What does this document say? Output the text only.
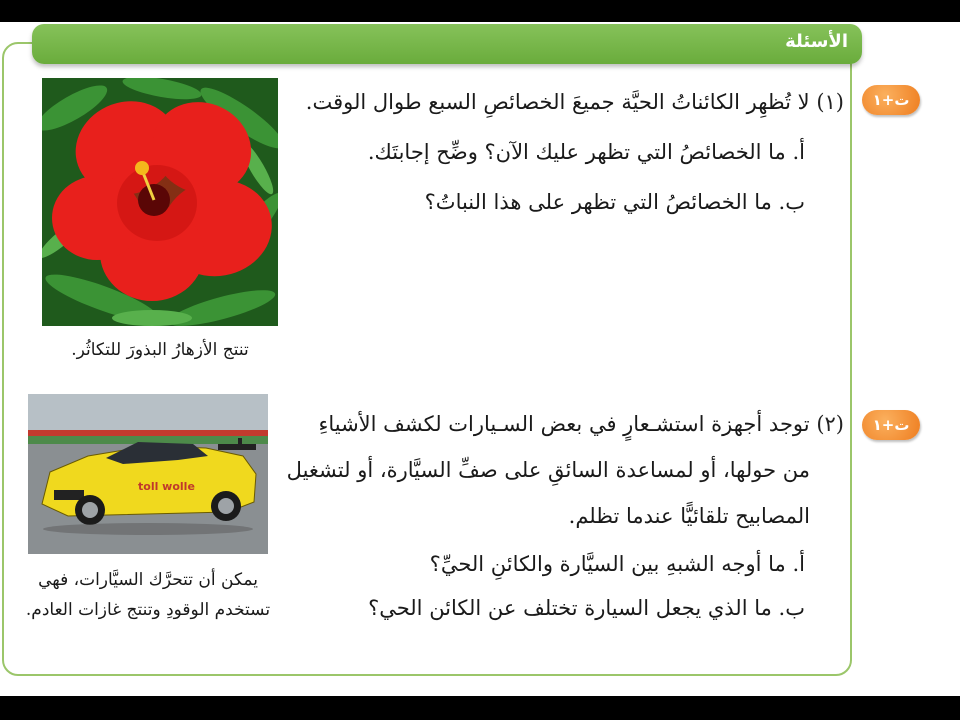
الأسئلة
ت+١
(١) لا تُظهِر الكائناتُ الحيَّة جميعَ الخصائصِ السبع طوال الوقت.
أ. ما الخصائصُ التي تظهر عليك الآن؟ وضِّح إجابتَك.
ب. ما الخصائصُ التي تظهر على هذا النباتُ؟
تنتج الأزهارُ البذورَ للتكاثُر.
ت+١
(٢) توجد أجهزة استشـعارٍ في بعض السـيارات لكشف الأشياءِ
من حولها، أو لمساعدة السائقِ على صفِّ السيَّارة، أو لتشغيل
المصابيح تلقائيًّا عندما تظلم.
أ. ما أوجه الشبهِ بين السيَّارة والكائنِ الحيِّ؟
ب. ما الذي يجعل السيارة تختلف عن الكائن الحي؟
toll wolle
يمكن أن تتحرَّك السيَّارات، فهي
تستخدم الوقودِ وتنتج غازات العادم.
